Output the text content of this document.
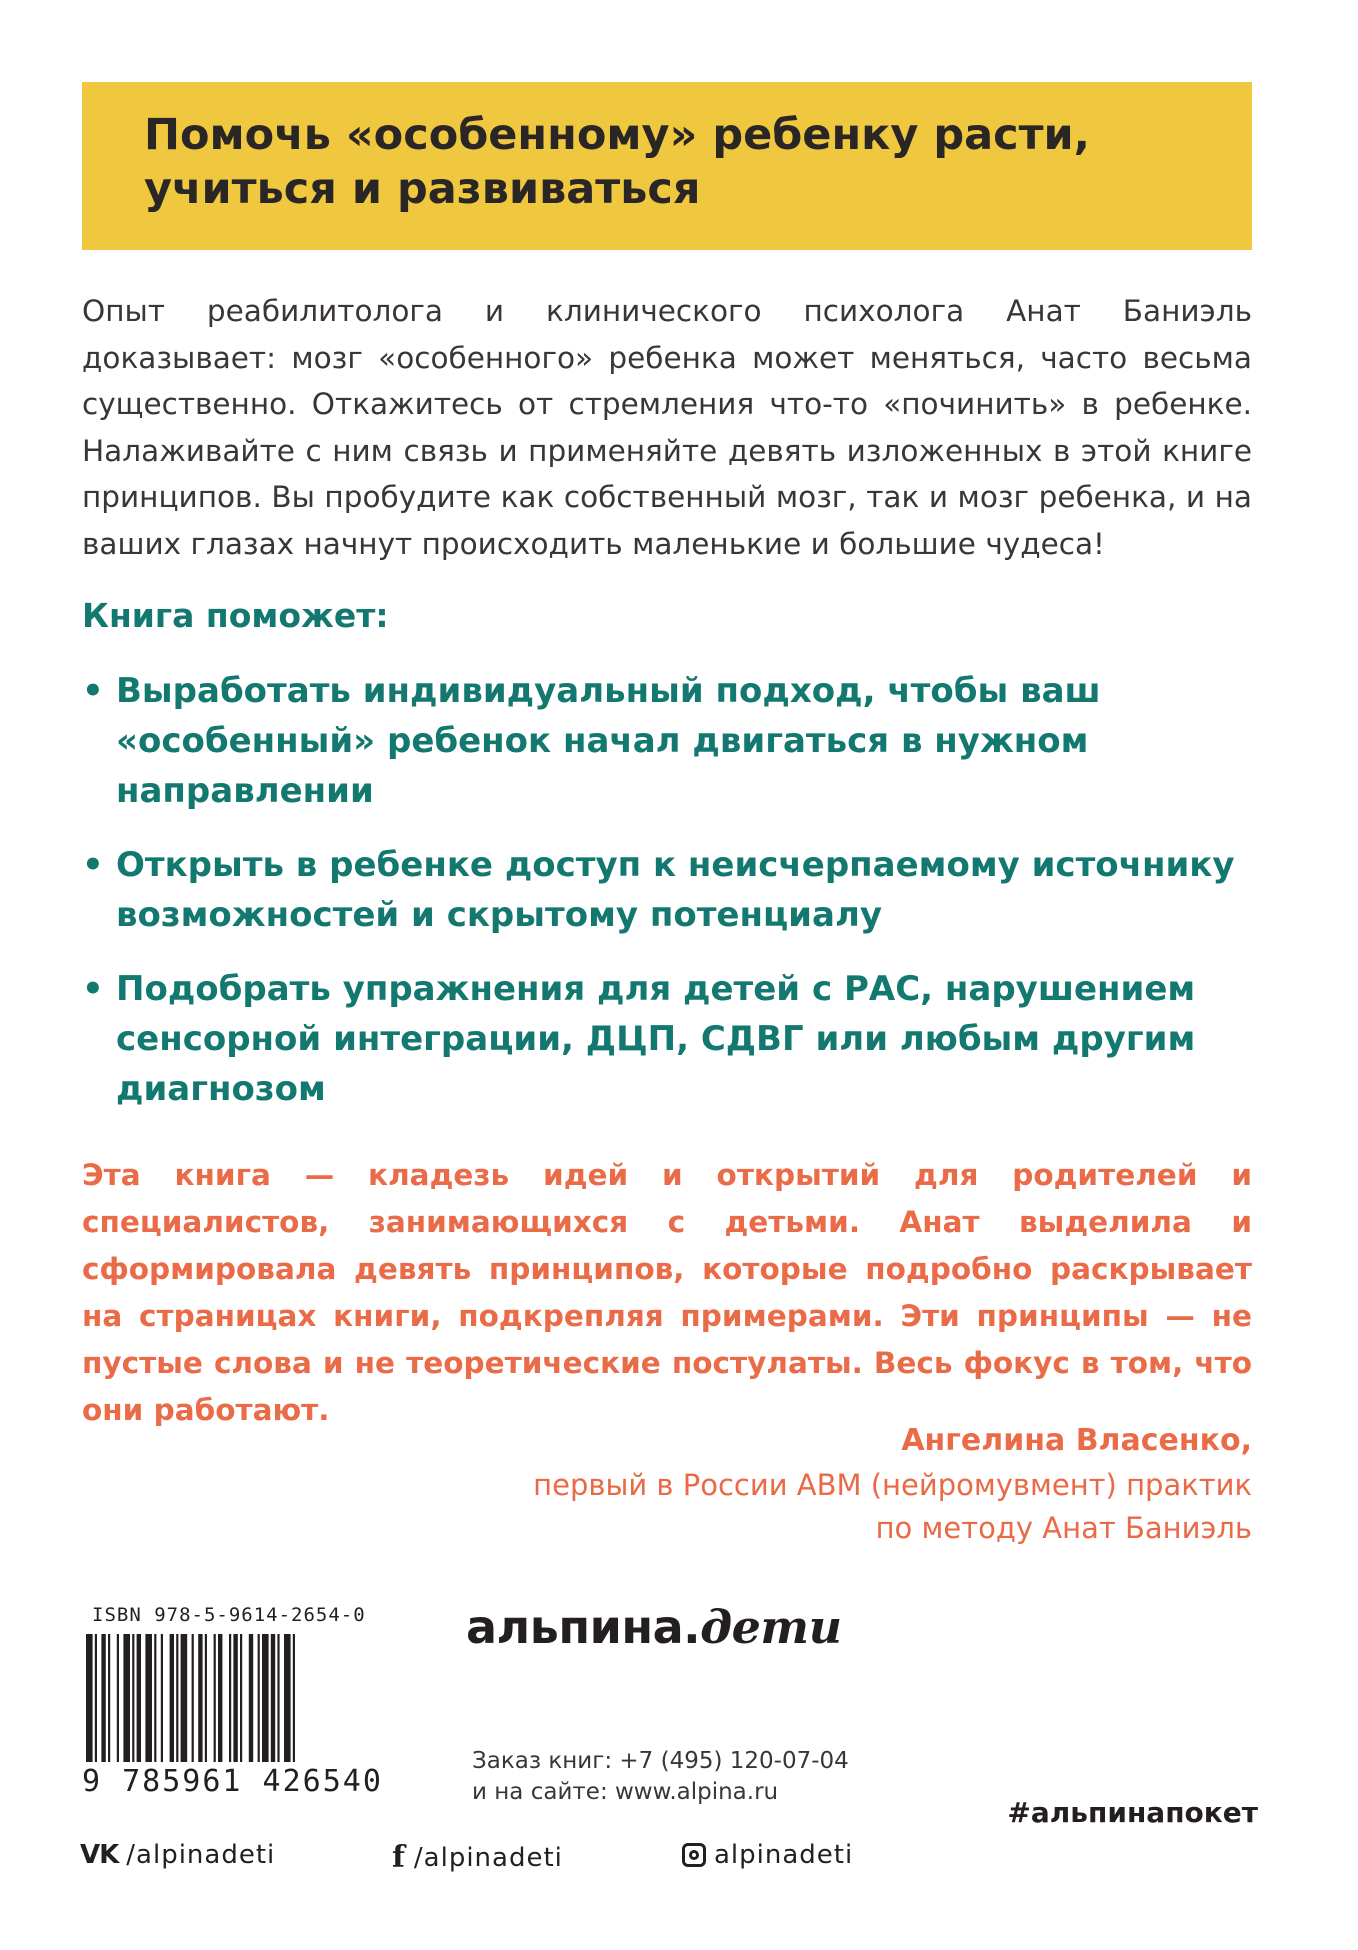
Помочь «особенному» ребенку расти,
учиться и развиваться

Опыт реабилитолога и клинического психолога Анат Баниэль доказывает: мозг «особенного» ребенка может меняться, часто весьма существенно. Откажитесь от стремления что-то «починить» в ребенке. Налаживайте с ним связь и применяйте девять изложенных в этой книге принципов. Вы пробудите как собственный мозг, так и мозг ребенка, и на ваших глазах начнут происходить маленькие и большие чудеса!

Книга поможет:
• Выработать индивидуальный подход, чтобы ваш «особенный» ребенок начал двигаться в нужном направлении
• Открыть в ребенке доступ к неисчерпаемому источнику возможностей и скрытому потенциалу
• Подобрать упражнения для детей с РАС, нарушением сенсорной интеграции, ДЦП, СДВГ или любым другим диагнозом

Эта книга — кладезь идей и открытий для родителей и специалистов, занимающихся с детьми. Анат выделила и сформировала девять принципов, которые подробно раскрывает на страницах книги, подкрепляя примерами. Эти принципы — не пустые слова и не теоретические постулаты. Весь фокус в том, что они работают.

Ангелина Власенко,
первый в России ABM (нейромувмент) практик
по методу Анат Баниэль
ISBN 978-5-9614-2654-0
9 785961 426540
альпина.дети
Заказ книг: +7 (495) 120-07-04
и на сайте: www.alpina.ru
#альпинапокет
VK /alpinadeti	f /alpinadeti	alpinadeti
